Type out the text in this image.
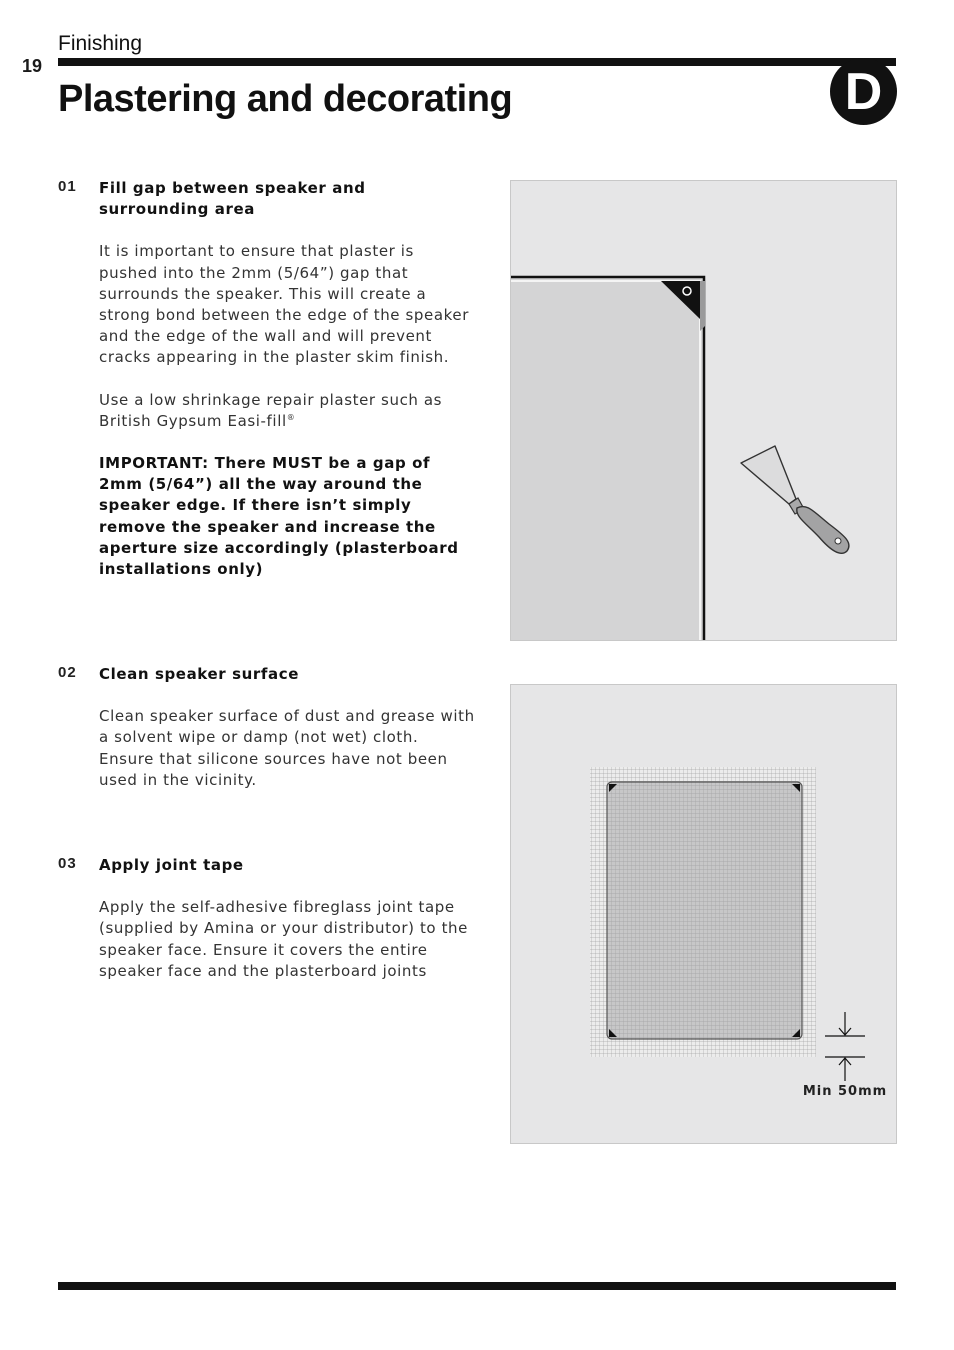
19
Finishing
Plastering and decorating	D
01 Fill gap between speaker and surrounding area

It is important to ensure that plaster is pushed into the 2mm (5/64”) gap that surrounds the speaker. This will create a strong bond between the edge of the speaker and the edge of the wall and will prevent cracks appearing in the plaster skim finish.

Use a low shrinkage repair plaster such as British Gypsum Easi-fill®

IMPORTANT: There MUST be a gap of 2mm (5/64”) all the way around the speaker edge. If there isn’t simply remove the speaker and increase the aperture size accordingly (plasterboard installations only)

02 Clean speaker surface

Clean speaker surface of dust and grease with a solvent wipe or damp (not wet) cloth. Ensure that silicone sources have not been used in the vicinity.

03 Apply joint tape

Apply the self-adhesive fibreglass joint tape (supplied by Amina or your distributor) to the speaker face. Ensure it covers the entire speaker face and the plasterboard joints

Min 50mm
